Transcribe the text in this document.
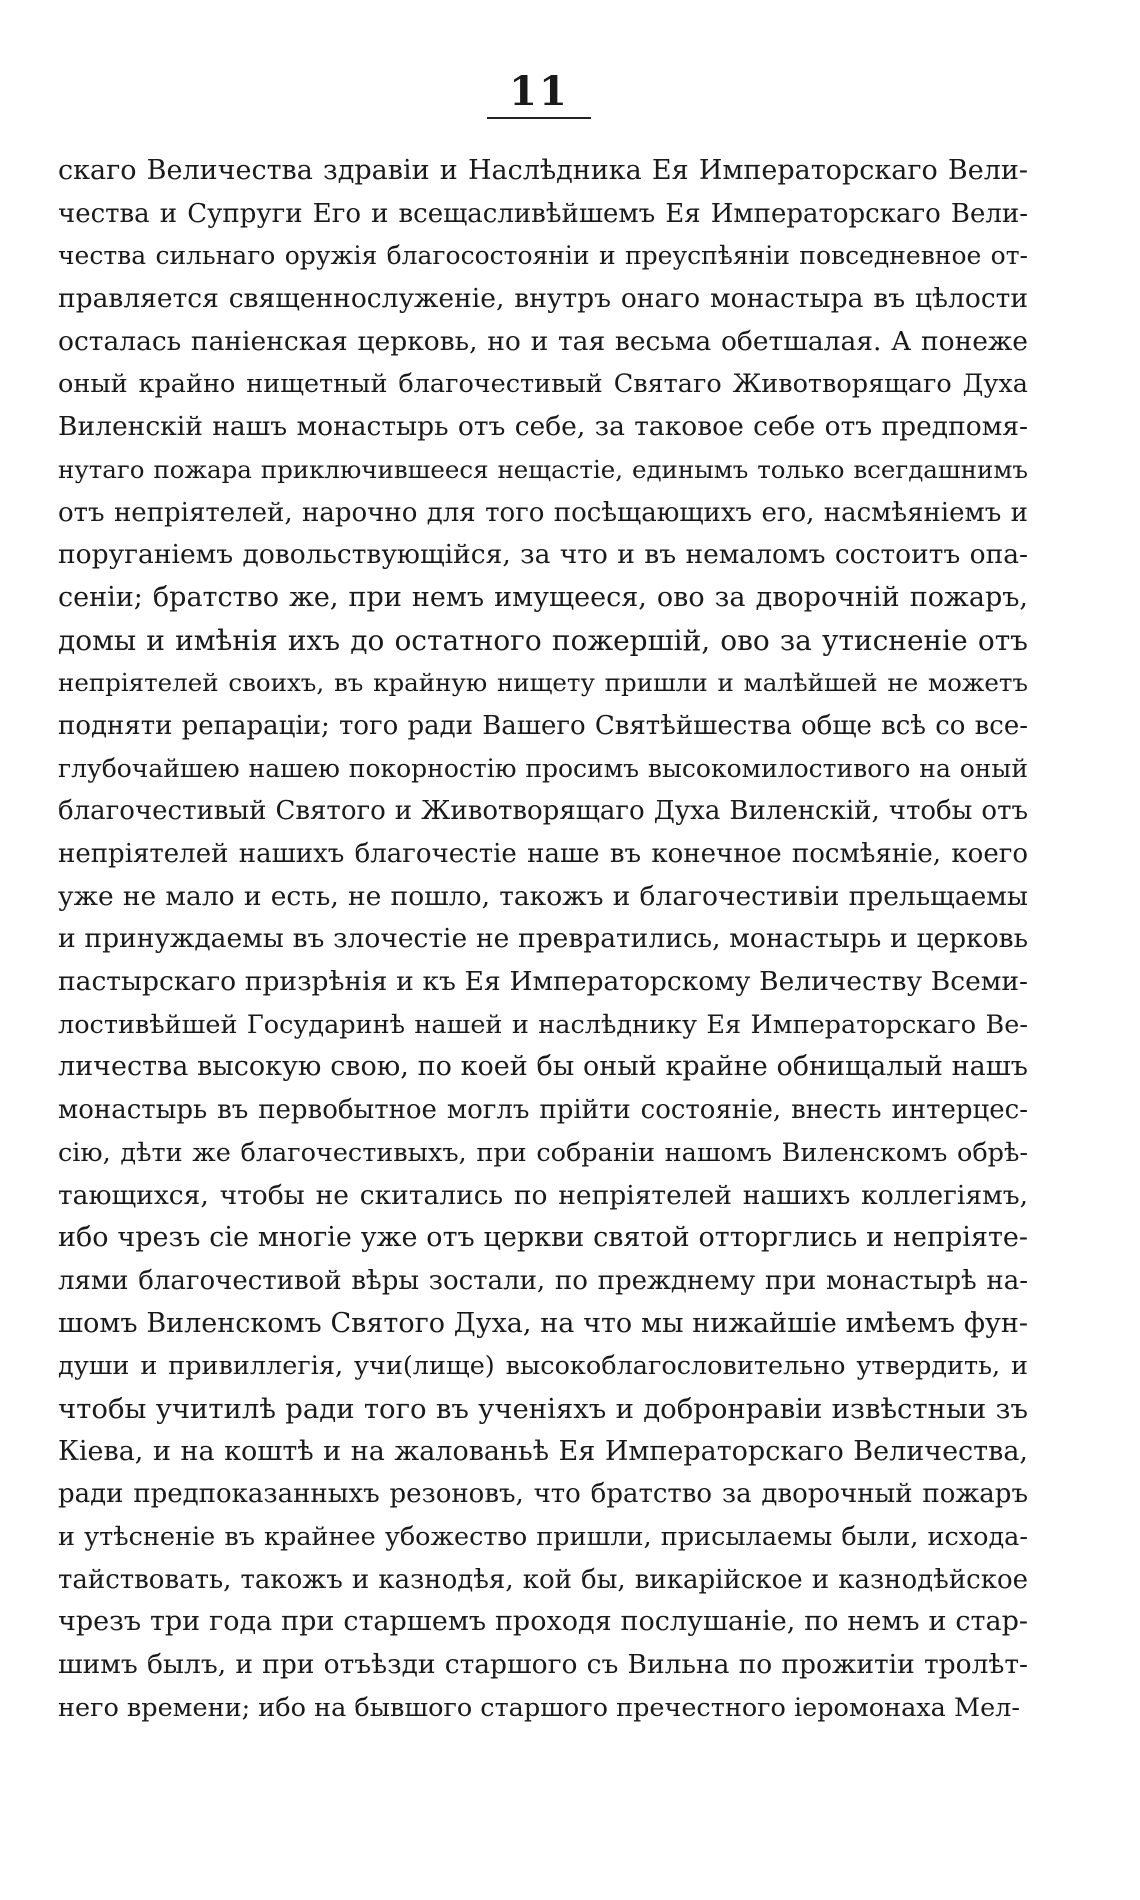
11
скаго Величества здравіи и Наслѣдника Ея Императорскаго Вели-
чества и Супруги Его и всещасливѣйшемъ Ея Императорскаго Вели-
чества сильнаго оружія благосостояніи и преуспѣяніи повседневное от-
правляется священнослуженіе, внутръ онаго монастыра въ цѣлости
осталась паніенская церковь, но и тая весьма обетшалая. А понеже
оный крайно нищетный благочестивый Святаго Животворящаго Духа
Виленскій нашъ монастырь отъ себе, за таковое себе отъ предпомя-
нутаго пожара приключившееся нещастіе, единымъ только всегдашнимъ
отъ непріятелей, нарочно для того посѣщающихъ его, насмѣяніемъ и
поруганіемъ довольствующійся, за что и въ немаломъ состоитъ опа-
сеніи; братство же, при немъ имущееся, ово за дворочній пожаръ,
домы и имѣнія ихъ до остатного пожершій, ово за утисненіе отъ
непріятелей своихъ, въ крайную нищету пришли и малѣйшей не можетъ
подняти репараціи; того ради Вашего Святѣйшества обще всѣ со все-
глубочайшею нашею покорностію просимъ высокомилостивого на оный
благочестивый Святого и Животворящаго Духа Виленскій, чтобы отъ
непріятелей нашихъ благочестіе наше въ конечное посмѣяніе, коего
уже не мало и есть, не пошло, такожъ и благочестивіи прельщаемы
и принуждаемы въ злочестіе не превратились, монастырь и церковь
пастырскаго призрѣнія и къ Ея Императорскому Величеству Всеми-
лостивѣйшей Государинѣ нашей и наслѣднику Ея Императорскаго Ве-
личества высокую свою, по коей бы оный крайне обнищалый нашъ
монастырь въ первобытное моглъ прійти состояніе, внесть интерцес-
сію, дѣти же благочестивыхъ, при собраніи нашомъ Виленскомъ обрѣ-
тающихся, чтобы не скитались по непріятелей нашихъ коллегіямъ,
ибо чрезъ сіе многіе уже отъ церкви святой отторглись и непріяте-
лями благочестивой вѣры зостали, по прежднему при монастырѣ на-
шомъ Виленскомъ Святого Духа, на что мы нижайшіе имѣемъ фун-
души и привиллегія, учи(лище) высокоблагословительно утвердить, и
чтобы учитилѣ ради того въ ученіяхъ и добронравіи извѣстныи зъ
Кіева, и на коштѣ и на жалованьѣ Ея Императорскаго Величества,
ради предпоказанныхъ резоновъ, что братство за дворочный пожаръ
и утѣсненіе въ крайнее убожество пришли, присылаемы были, исхода-
тайствовать, такожъ и казнодѣя, кой бы, викарійское и казнодѣйское
чрезъ три года при старшемъ проходя послушаніе, по немъ и стар-
шимъ былъ, и при отъѣзди старшого съ Вильна по прожитіи тролѣт-
него времени; ибо на бывшого старшого пречестного іеромонаха Мел-
